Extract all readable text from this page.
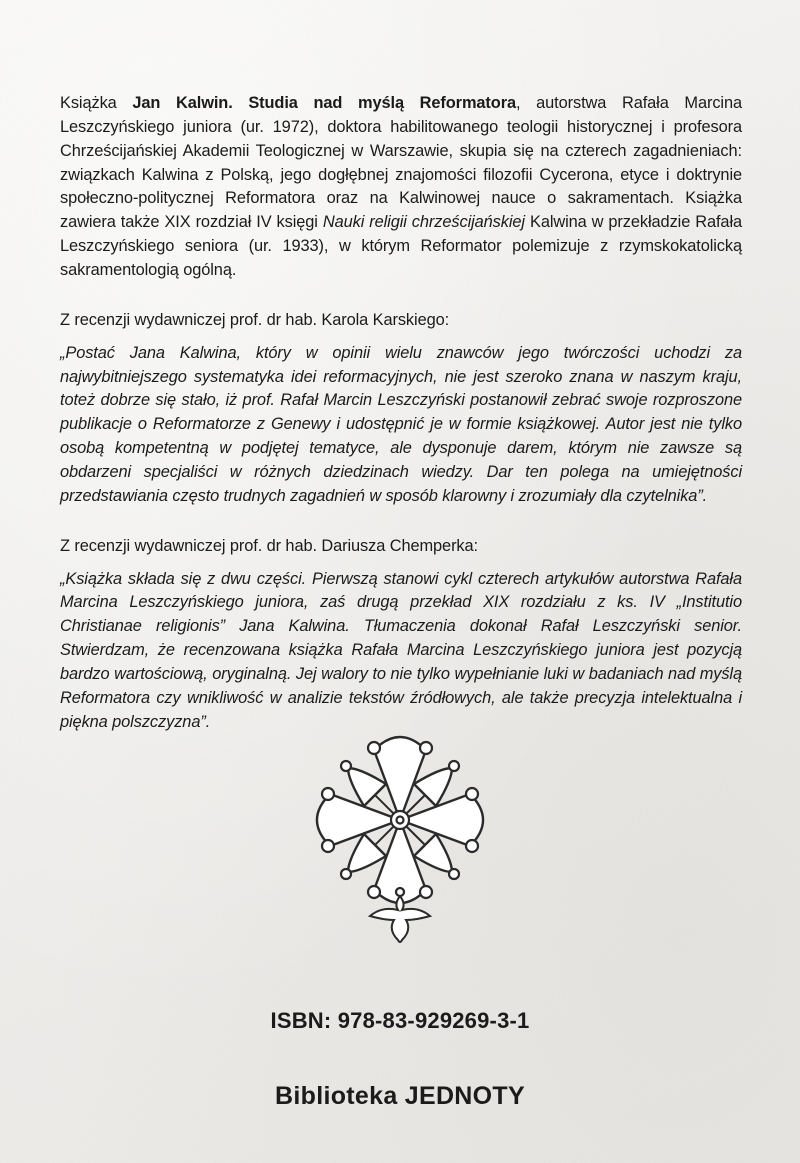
Książka Jan Kalwin. Studia nad myślą Reformatora, autorstwa Rafała Marcina Leszczyńskiego juniora (ur. 1972), doktora habilitowanego teologii historycznej i profesora Chrześcijańskiej Akademii Teologicznej w Warszawie, skupia się na czterech zagadnieniach: związkach Kalwina z Polską, jego dogłębnej znajomości filozofii Cycerona, etyce i doktrynie społeczno-politycznej Reformatora oraz na Kalwinowej nauce o sakramentach. Książka zawiera także XIX rozdział IV księgi Nauki religii chrześcijańskiej Kalwina w przekładzie Rafała Leszczyńskiego seniora (ur. 1933), w którym Reformator polemizuje z rzymskokatolicką sakramentologią ogólną.

Z recenzji wydawniczej prof. dr hab. Karola Karskiego:

„Postać Jana Kalwina, który w opinii wielu znawców jego twórczości uchodzi za najwybitniejszego systematyka idei reformacyjnych, nie jest szeroko znana w naszym kraju, toteż dobrze się stało, iż prof. Rafał Marcin Leszczyński postanowił zebrać swoje rozproszone publikacje o Reformatorze z Genewy i udostępnić je w formie książkowej. Autor jest nie tylko osobą kompetentną w podjętej tematyce, ale dysponuje darem, którym nie zawsze są obdarzeni specjaliści w różnych dziedzinach wiedzy. Dar ten polega na umiejętności przedstawiania często trudnych zagadnień w sposób klarowny i zrozumiały dla czytelnika”.

Z recenzji wydawniczej prof. dr hab. Dariusza Chemperka:

„Książka składa się z dwu części. Pierwszą stanowi cykl czterech artykułów autorstwa Rafała Marcina Leszczyńskiego juniora, zaś drugą przekład XIX rozdziału z ks. IV „Institutio Christianae religionis” Jana Kalwina. Tłumaczenia dokonał Rafał Leszczyński senior. Stwierdzam, że recenzowana książka Rafała Marcina Leszczyńskiego juniora jest pozycją bardzo wartościową, oryginalną. Jej walory to nie tylko wypełnianie luki w badaniach nad myślą Reformatora czy wnikliwość w analizie tekstów źródłowych, ale także precyzja intelektualna i piękna polszczyzna”.

ISBN: 978-83-929269-3-1
Biblioteka JEDNOTY
